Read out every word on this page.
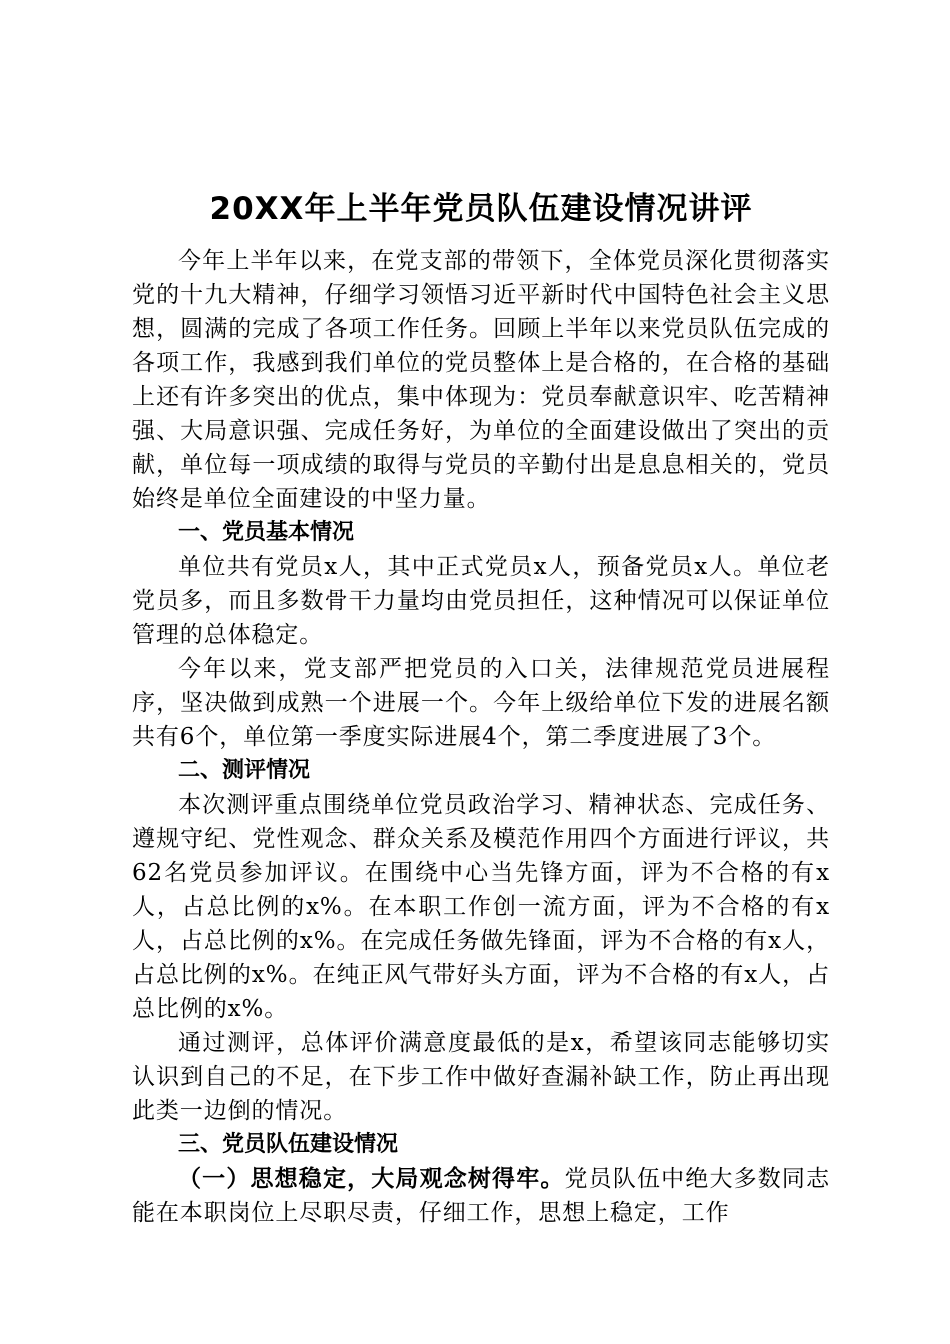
20XX年上半年党员队伍建设情况讲评

今年上半年以来，在党支部的带领下，全体党员深化贯彻落实党的十九大精神，仔细学习领悟习近平新时代中国特色社会主义思想，圆满的完成了各项工作任务。回顾上半年以来党员队伍完成的各项工作，我感到我们单位的党员整体上是合格的，在合格的基础上还有许多突出的优点，集中体现为：党员奉献意识牢、吃苦精神强、大局意识强、完成任务好，为单位的全面建设做出了突出的贡献，单位每一项成绩的取得与党员的辛勤付出是息息相关的，党员始终是单位全面建设的中坚力量。

一、党员基本情况

单位共有党员x人，其中正式党员x人，预备党员x人。单位老党员多，而且多数骨干力量均由党员担任，这种情况可以保证单位管理的总体稳定。

今年以来，党支部严把党员的入口关，法律规范党员进展程序，坚决做到成熟一个进展一个。今年上级给单位下发的进展名额共有6个，单位第一季度实际进展4个，第二季度进展了3个。

二、测评情况

本次测评重点围绕单位党员政治学习、精神状态、完成任务、遵规守纪、党性观念、群众关系及模范作用四个方面进行评议，共62名党员参加评议。在围绕中心当先锋方面，评为不合格的有x人，占总比例的x%。在本职工作创一流方面，评为不合格的有x人，占总比例的x%。在完成任务做先锋面，评为不合格的有x人，占总比例的x%。在纯正风气带好头方面，评为不合格的有x人，占总比例的x%。

通过测评，总体评价满意度最低的是x，希望该同志能够切实认识到自己的不足，在下步工作中做好查漏补缺工作，防止再出现此类一边倒的情况。

三、党员队伍建设情况

（一）思想稳定，大局观念树得牢。党员队伍中绝大多数同志能在本职岗位上尽职尽责，仔细工作，思想上稳定，工作
